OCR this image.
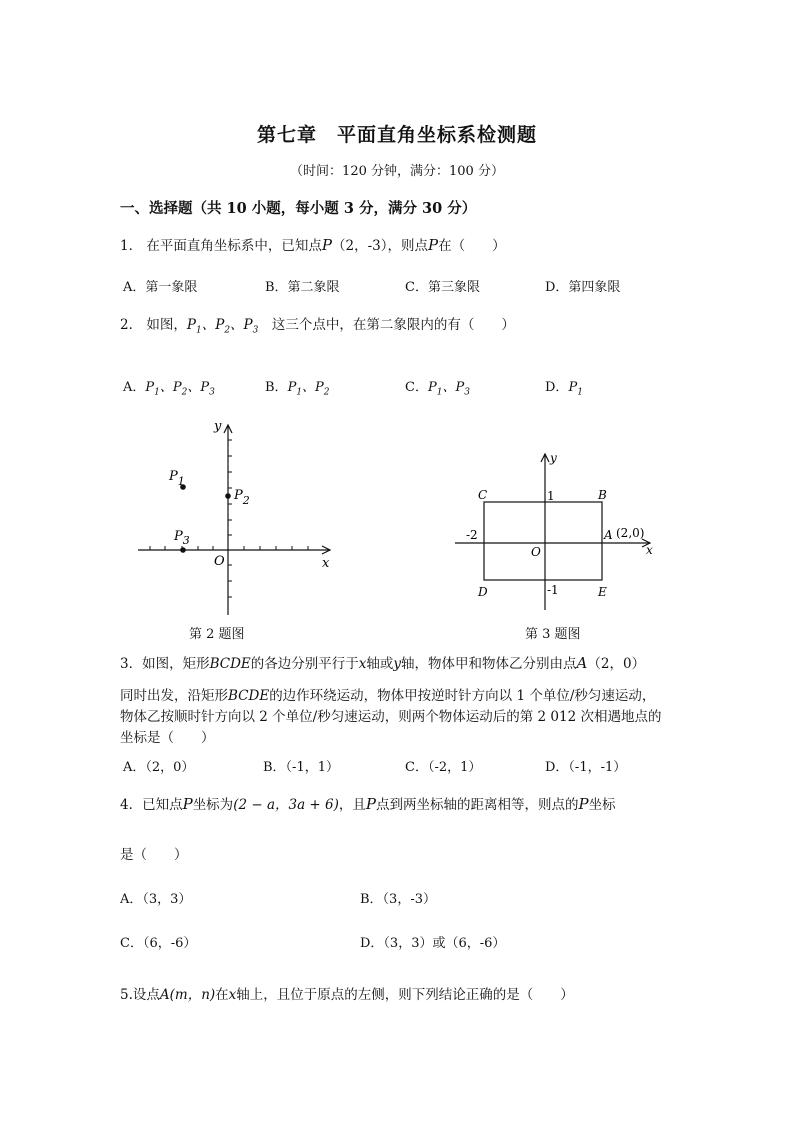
第七章　平面直角坐标系检测题
（时间：120 分钟，满分：100 分）
一、选择题（共 10 小题，每小题 3 分，满分 30 分）
1． 在平面直角坐标系中，已知点P（2，-3），则点P在（　　）
A．第一象限	B．第二象限	C．第三象限	D．第四象限
2． 如图，$P_1$、$P_2$、$P_3$　 这三个点中，在第二象限内的有（　　）
A．$P_1$、$P_2$、$P_3$	B．$P_1$、$P_2$	C．$P_1$、$P_3$	D．$P_1$
$P_1$
$P_2$
$P_3$
O	x
y
第 2 题图
C	B
D	E
A (2,0)
1
-1
-2
O	x
y
第 3 题图
3．如图，矩形BCDE的各边分别平行于x轴或y轴，物体甲和物体乙分别由点A（2，0）
同时出发，沿矩形BCDE的边作环绕运动，物体甲按逆时针方向以 1 个单位/秒匀速运动，
物体乙按顺时针方向以 2 个单位/秒匀速运动，则两个物体运动后的第 2 012 次相遇地点的
坐标是（　　）
A．（2，0）	B．（-1，1）	C．（-2，1）	D．（-1，-1）
4．已知点P坐标为(2 − a，3a + 6)，且P点到两坐标轴的距离相等，则点的P坐标
是（　　）
A．（3，3）	B．（3，-3）
C．（6，-6）	D．（3，3）或（6，-6）
5.设点A(m，n)在x轴上，且位于原点的左侧，则下列结论正确的是（　　）
